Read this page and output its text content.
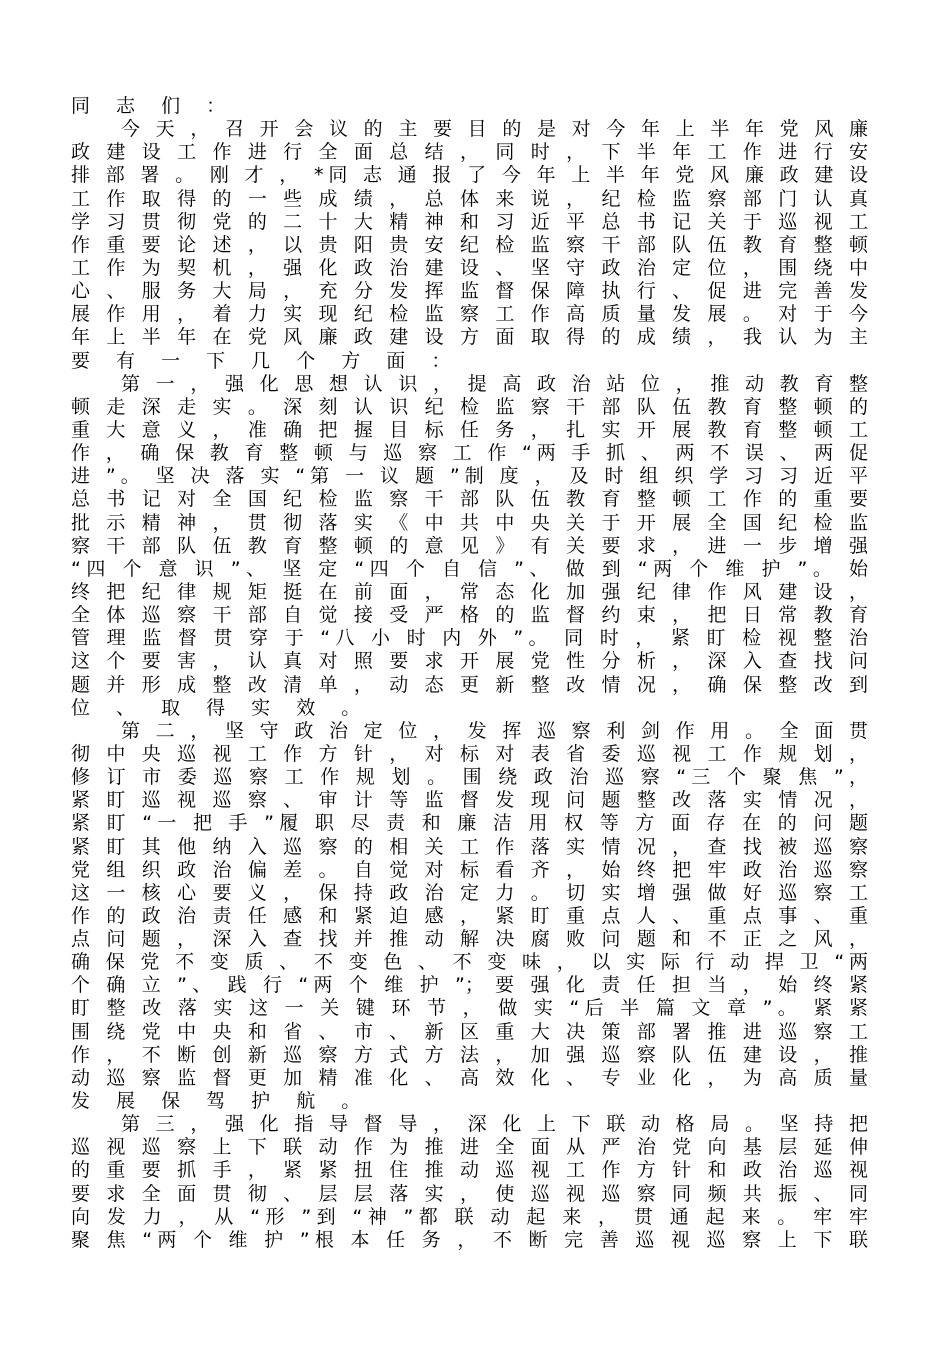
同 志 们 ：
今 天 ， 召 开 会 议 的 主 要 目 的 是 对 今 年 上 半 年 党 风 廉
政 建 设 工 作 进 行 全 面 总 结 ， 同 时 ， 下 半 年 工 作 进 行 安
排 部 署 。 刚 才 ， *同 志 通 报 了 今 年 上 半 年 党 风 廉 政 建 设
工 作 取 得 的 一 些 成 绩 ， 总 体 来 说 ， 纪 检 监 察 部 门 认 真
学 习 贯 彻 党 的 二 十 大 精 神 和 习 近 平 总 书 记 关 于 巡 视 工
作 重 要 论 述 ， 以 贵 阳 贵 安 纪 检 监 察 干 部 队 伍 教 育 整 顿
工 作 为 契 机 ， 强 化 政 治 建 设 、 坚 守 政 治 定 位 ， 围 绕 中
心 、 服 务 大 局 ， 充 分 发 挥 监 督 保 障 执 行 、 促 进 完 善 发
展 作 用 ， 着 力 实 现 纪 检 监 察 工 作 高 质 量 发 展 。 对 于 今
年 上 半 年 在 党 风 廉 政 建 设 方 面 取 得 的 成 绩 ， 我 认 为 主
要 有 一 下 几 个 方 面 ：
第 一 ， 强 化 思 想 认 识 ， 提 高 政 治 站 位 ， 推 动 教 育 整
顿 走 深 走 实 。 深 刻 认 识 纪 检 监 察 干 部 队 伍 教 育 整 顿 的
重 大 意 义 ， 准 确 把 握 目 标 任 务 ， 扎 实 开 展 教 育 整 顿 工
作 ， 确 保 教 育 整 顿 与 巡 察 工 作 “两 手 抓 、 两 不 误 、 两 促
进 ”。 坚 决 落 实 “第 一 议 题 ”制 度 ， 及 时 组 织 学 习 习 近 平
总 书 记 对 全 国 纪 检 监 察 干 部 队 伍 教 育 整 顿 工 作 的 重 要
批 示 精 神 ， 贯 彻 落 实 《 中 共 中 央 关 于 开 展 全 国 纪 检 监
察 干 部 队 伍 教 育 整 顿 的 意 见 》 有 关 要 求 ， 进 一 步 增 强
“四 个 意 识 ”、 坚 定 “四 个 自 信 ”、 做 到 “两 个 维 护 ”。 始
终 把 纪 律 规 矩 挺 在 前 面 ， 常 态 化 加 强 纪 律 作 风 建 设 ，
全 体 巡 察 干 部 自 觉 接 受 严 格 的 监 督 约 束 ， 把 日 常 教 育
管 理 监 督 贯 穿 于 “八 小 时 内 外 ”。 同 时 ， 紧 盯 检 视 整 治
这 个 要 害 ， 认 真 对 照 要 求 开 展 党 性 分 析 ， 深 入 查 找 问
题 并 形 成 整 改 清 单 ， 动 态 更 新 整 改 情 况 ， 确 保 整 改 到
位 、 取 得 实 效 。
第 二 ， 坚 守 政 治 定 位 ， 发 挥 巡 察 利 剑 作 用 。 全 面 贯
彻 中 央 巡 视 工 作 方 针 ， 对 标 对 表 省 委 巡 视 工 作 规 划 ，
修 订 市 委 巡 察 工 作 规 划 。 围 绕 政 治 巡 察 “三 个 聚 焦 ”，
紧 盯 巡 视 巡 察 、 审 计 等 监 督 发 现 问 题 整 改 落 实 情 况 ，
紧 盯 “一 把 手 ”履 职 尽 责 和 廉 洁 用 权 等 方 面 存 在 的 问 题
紧 盯 其 他 纳 入 巡 察 的 相 关 工 作 落 实 情 况 ， 查 找 被 巡 察
党 组 织 政 治 偏 差 。 自 觉 对 标 看 齐 ， 始 终 把 牢 政 治 巡 察
这 一 核 心 要 义 ， 保 持 政 治 定 力 。 切 实 增 强 做 好 巡 察 工
作 的 政 治 责 任 感 和 紧 迫 感 ， 紧 盯 重 点 人 、 重 点 事 、 重
点 问 题 ， 深 入 查 找 并 推 动 解 决 腐 败 问 题 和 不 正 之 风 ，
确 保 党 不 变 质 、 不 变 色 、 不 变 味 ， 以 实 际 行 动 捍 卫 “两
个 确 立 ”、 践 行 “两 个 维 护 ”； 要 强 化 责 任 担 当 ， 始 终 紧
盯 整 改 落 实 这 一 关 键 环 节 ， 做 实 “后 半 篇 文 章 ”。 紧 紧
围 绕 党 中 央 和 省 、 市 、 新 区 重 大 决 策 部 署 推 进 巡 察 工
作 ， 不 断 创 新 巡 察 方 式 方 法 ， 加 强 巡 察 队 伍 建 设 ， 推
动 巡 察 监 督 更 加 精 准 化 、 高 效 化 、 专 业 化 ， 为 高 质 量
发 展 保 驾 护 航 。
第 三 ， 强 化 指 导 督 导 ， 深 化 上 下 联 动 格 局 。 坚 持 把
巡 视 巡 察 上 下 联 动 作 为 推 进 全 面 从 严 治 党 向 基 层 延 伸
的 重 要 抓 手 ， 紧 紧 扭 住 推 动 巡 视 工 作 方 针 和 政 治 巡 视
要 求 全 面 贯 彻 、 层 层 落 实 ， 使 巡 视 巡 察 同 频 共 振 、 同
向 发 力 ， 从 “形 ”到 “神 ”都 联 动 起 来 ， 贯 通 起 来 。 牢 牢
聚 焦 “两 个 维 护 ”根 本 任 务 ， 不 断 完 善 巡 视 巡 察 上 下 联
